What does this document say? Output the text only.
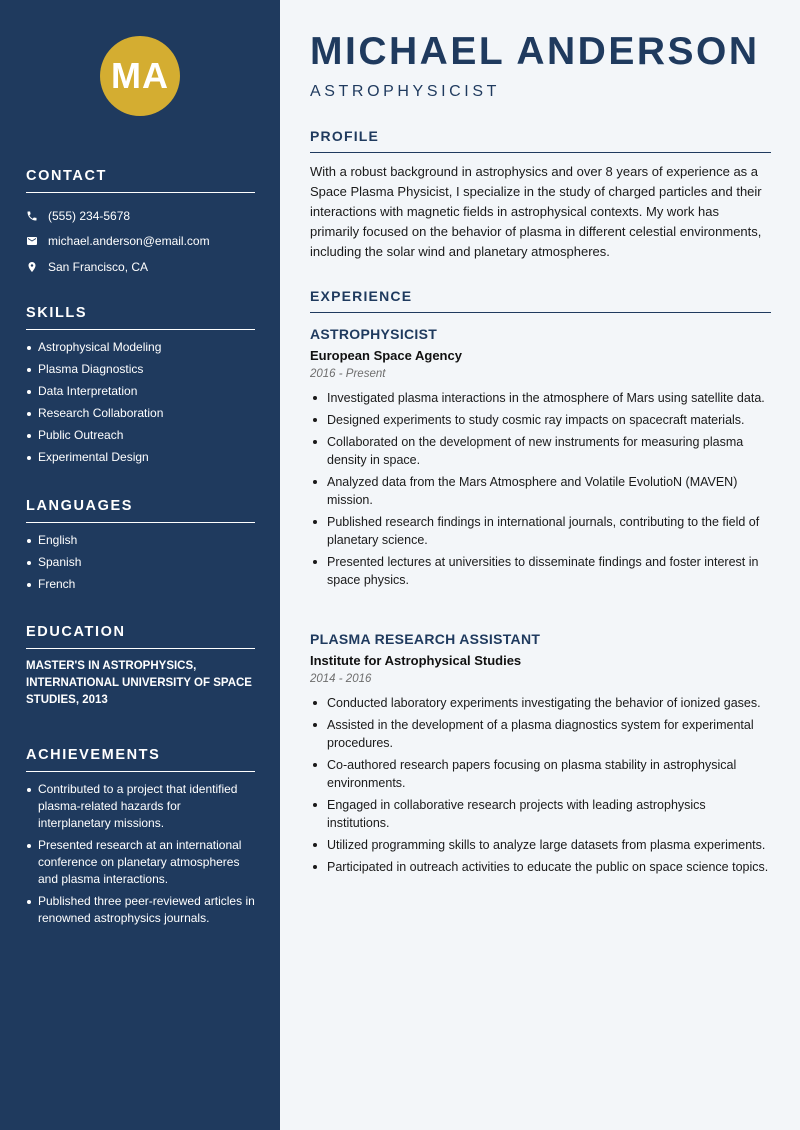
MA
CONTACT
(555) 234-5678
michael.anderson@email.com
San Francisco, CA
SKILLS
Astrophysical Modeling
Plasma Diagnostics
Data Interpretation
Research Collaboration
Public Outreach
Experimental Design
LANGUAGES
English
Spanish
French
EDUCATION

MASTER'S IN ASTROPHYSICS, INTERNATIONAL UNIVERSITY OF SPACE STUDIES, 2013

ACHIEVEMENTS
Contributed to a project that identified plasma-related hazards for interplanetary missions.
Presented research at an international conference on planetary atmospheres and plasma interactions.
Published three peer-reviewed articles in renowned astrophysics journals.
MICHAEL ANDERSON
ASTROPHYSICIST
PROFILE

With a robust background in astrophysics and over 8 years of experience as a Space Plasma Physicist, I specialize in the study of charged particles and their interactions with magnetic fields in astrophysical contexts. My work has primarily focused on the behavior of plasma in different celestial environments, including the solar wind and planetary atmospheres.

EXPERIENCE
ASTROPHYSICIST
European Space Agency
2016 - Present
Investigated plasma interactions in the atmosphere of Mars using satellite data.
Designed experiments to study cosmic ray impacts on spacecraft materials.
Collaborated on the development of new instruments for measuring plasma density in space.
Analyzed data from the Mars Atmosphere and Volatile EvolutioN (MAVEN) mission.
Published research findings in international journals, contributing to the field of planetary science.
Presented lectures at universities to disseminate findings and foster interest in space physics.
PLASMA RESEARCH ASSISTANT
Institute for Astrophysical Studies
2014 - 2016
Conducted laboratory experiments investigating the behavior of ionized gases.
Assisted in the development of a plasma diagnostics system for experimental procedures.
Co-authored research papers focusing on plasma stability in astrophysical environments.
Engaged in collaborative research projects with leading astrophysics institutions.
Utilized programming skills to analyze large datasets from plasma experiments.
Participated in outreach activities to educate the public on space science topics.
